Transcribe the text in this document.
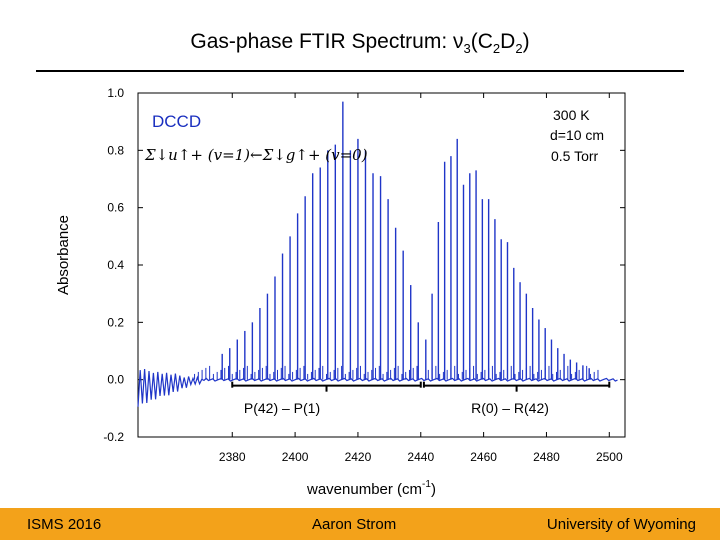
Gas-phase FTIR Spectrum: $\nu_3(C_2D_2)$
-0.2
0.0
0.2
0.4
0.6
0.8
1.0
2380	2400	2420	2440	2460	2480	2500
Absorbance
wavenumber $(cm^{-1})$
DCCD
Σ↓u↑+ (v=1)←Σ↓g↑+ (v=0)
300 K
d=10 cm
0.5 Torr
P(42) – P(1)	R(0) – R(42)
ISMS 2016	Aaron Strom	University of Wyoming
